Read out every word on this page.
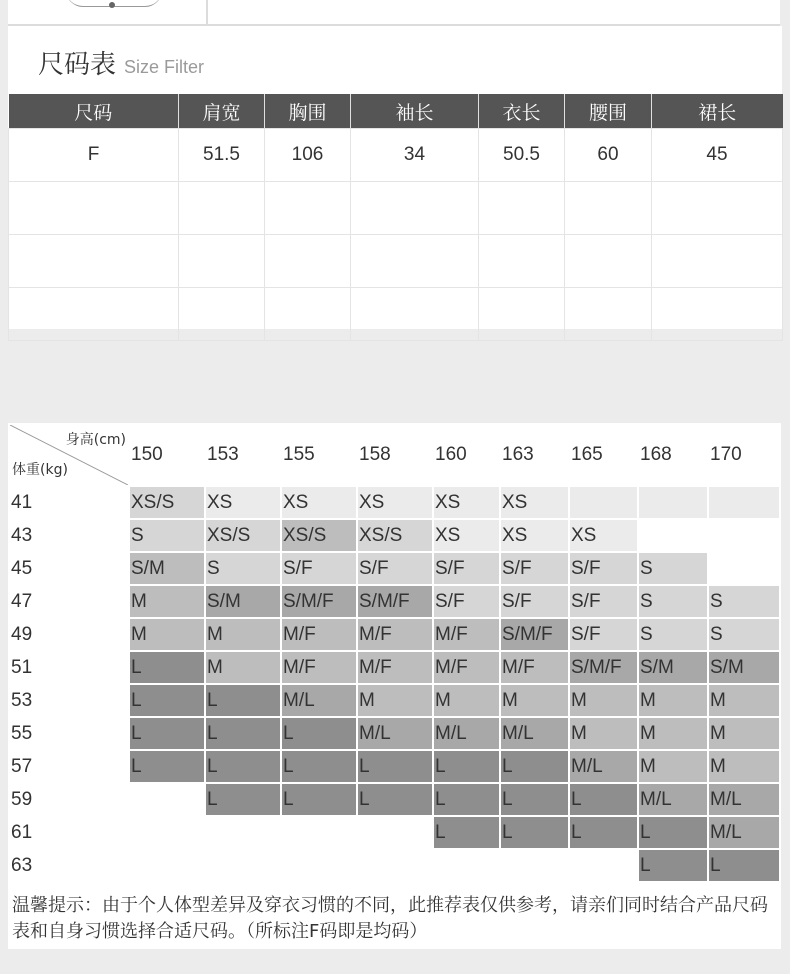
尺码表 Size Filter
尺码	肩宽	胸围	袖长	衣长	腰围	裙长
F	51.5	106	34	50.5	60	45

身高(cm)
体重(kg)	150	153	155	158	160	163	165	168	170
41	XS/S	XS	XS	XS	XS	XS			
43	S	XS/S	XS/S	XS/S	XS	XS	XS		
45	S/M	S	S/F	S/F	S/F	S/F	S/F	S	
47	M	S/M	S/M/F	S/M/F	S/F	S/F	S/F	S	S
49	M	M	M/F	M/F	M/F	S/M/F	S/F	S	S
51	L	M	M/F	M/F	M/F	M/F	S/M/F	S/M	S/M
53	L	L	M/L	M	M	M	M	M	M
55	L	L	L	M/L	M/L	M/L	M	M	M
57	L	L	L	L	L	L	M/L	M	M
59		L	L	L	L	L	L	M/L	M/L
61					L	L	L	L	M/L
63								L	L
温馨提示：由于个人体型差异及穿衣习惯的不同，此推荐表仅供参考，请亲们同时结合产品尺码表和自身习惯选择合适尺码。（所标注F码即是均码）
